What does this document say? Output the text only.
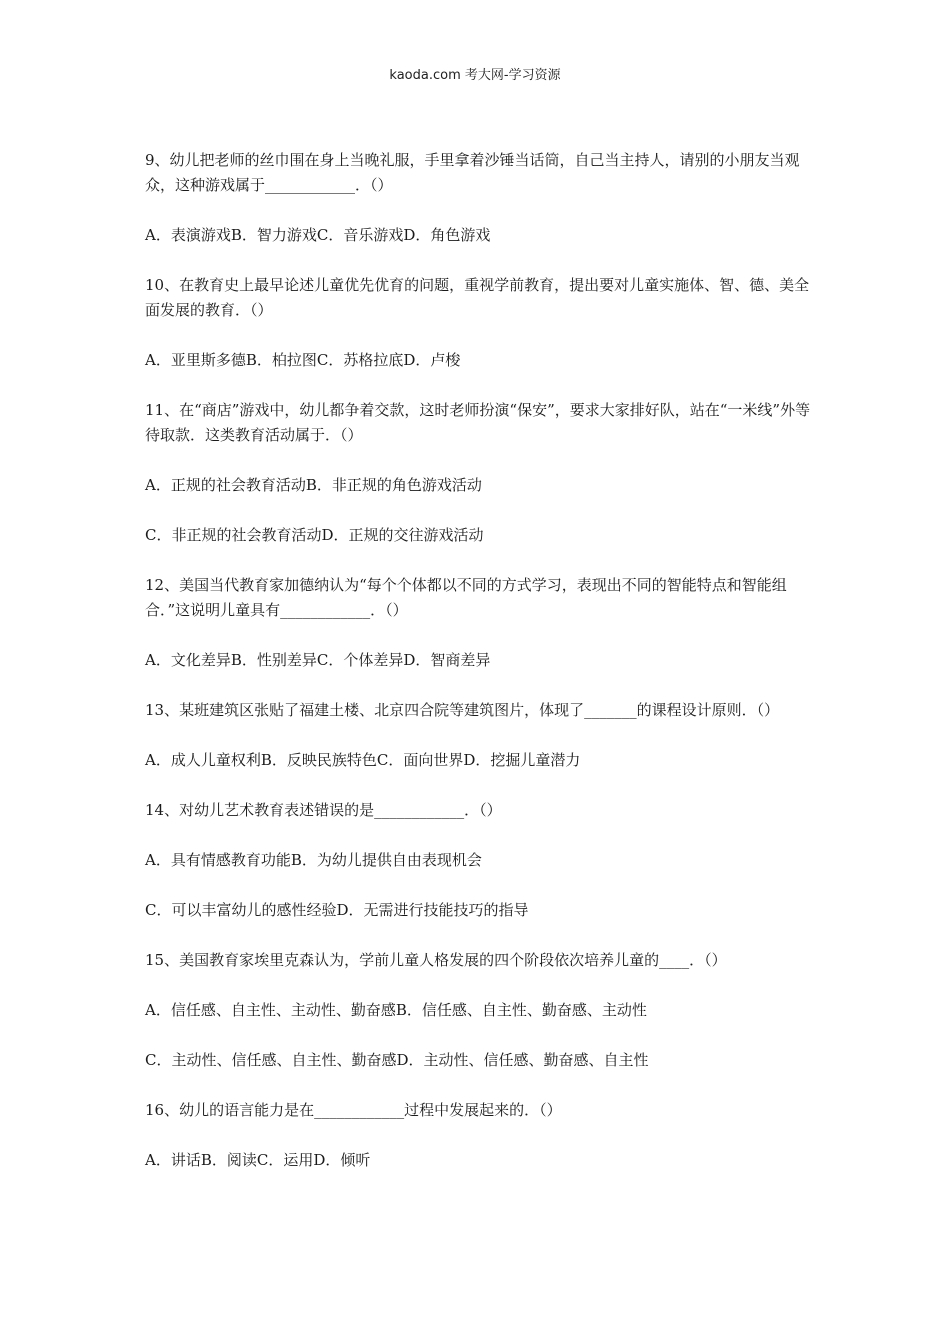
kaoda.com 考大网-学习资源

9、幼儿把老师的丝巾围在身上当晚礼服，手里拿着沙锤当话筒，自己当主持人，请别的小朋友当观众，这种游戏属于____________．（）

A．表演游戏B．智力游戏C．音乐游戏D．角色游戏

10、在教育史上最早论述儿童优先优育的问题，重视学前教育，提出要对儿童实施体、智、德、美全面发展的教育．（）

A．亚里斯多德B．柏拉图C．苏格拉底D．卢梭

11、在“商店”游戏中，幼儿都争着交款，这时老师扮演“保安”，要求大家排好队，站在“一米线”外等待取款．这类教育活动属于．（）

A．正规的社会教育活动B．非正规的角色游戏活动

C．非正规的社会教育活动D．正规的交往游戏活动

12、美国当代教育家加德纳认为“每个个体都以不同的方式学习，表现出不同的智能特点和智能组合．”这说明儿童具有____________．（）

A．文化差异B．性别差异C．个体差异D．智商差异

13、某班建筑区张贴了福建土楼、北京四合院等建筑图片，体现了_______的课程设计原则．（）

A．成人儿童权利B．反映民族特色C．面向世界D．挖掘儿童潜力

14、对幼儿艺术教育表述错误的是____________．（）

A．具有情感教育功能B．为幼儿提供自由表现机会

C．可以丰富幼儿的感性经验D．无需进行技能技巧的指导

15、美国教育家埃里克森认为，学前儿童人格发展的四个阶段依次培养儿童的____．（）

A．信任感、自主性、主动性、勤奋感B．信任感、自主性、勤奋感、主动性

C．主动性、信任感、自主性、勤奋感D．主动性、信任感、勤奋感、自主性

16、幼儿的语言能力是在____________过程中发展起来的．（）

A．讲话B．阅读C．运用D．倾听
